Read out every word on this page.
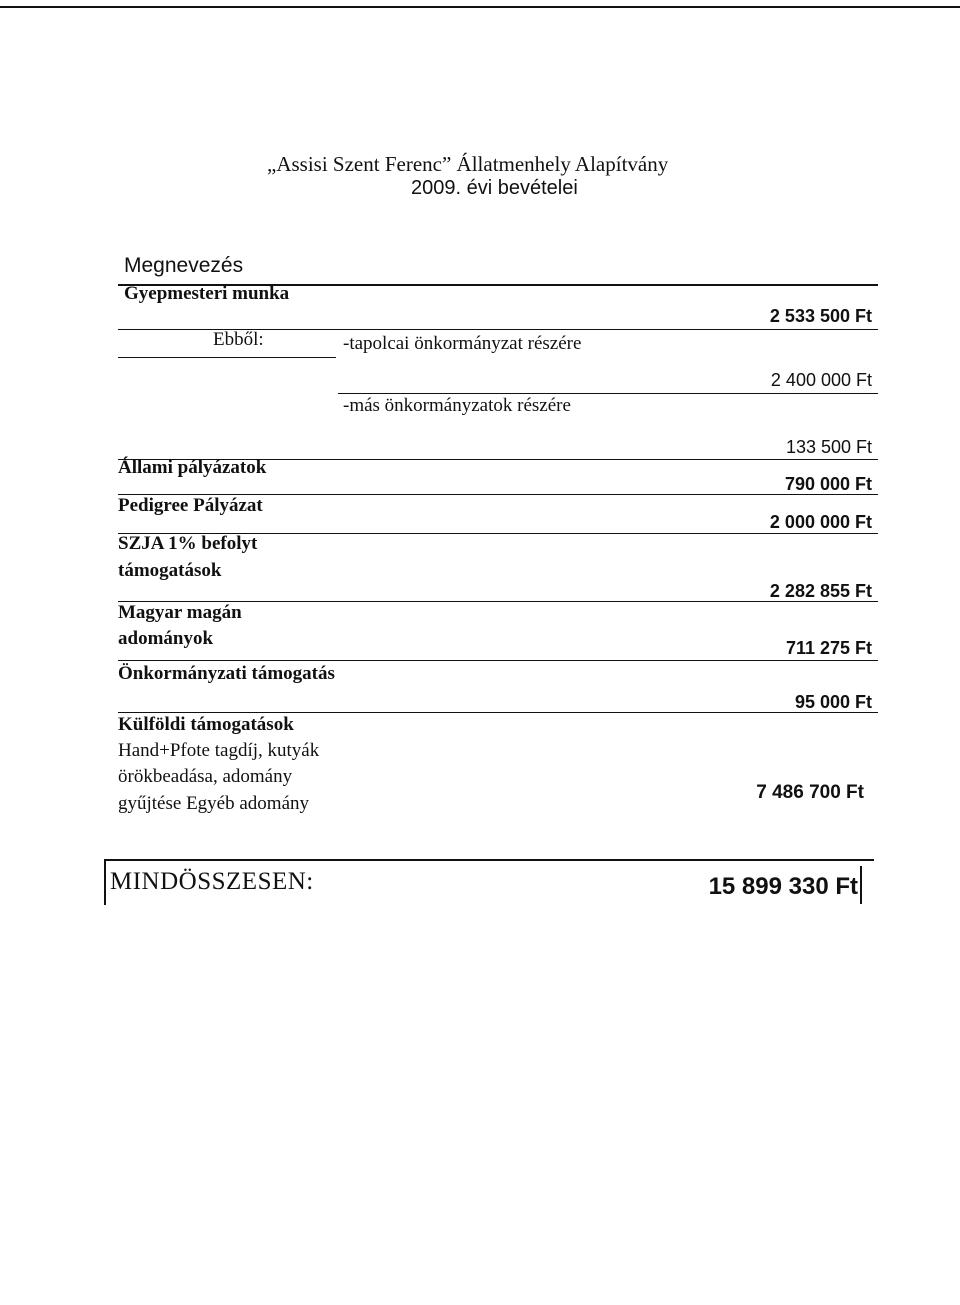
„Assisi Szent Ferenc” Állatmenhely Alapítvány
2009. évi bevételei
Megnevezés
Gyepmesteri munka
2 533 500 Ft
Ebből:	-tapolcai önkormányzat részére
2 400 000 Ft
-más önkormányzatok részére
133 500 Ft
Állami pályázatok
790 000 Ft
Pedigree Pályázat
2 000 000 Ft
SZJA 1% befolyt
támogatások
2 282 855 Ft
Magyar magán
adományok	711 275 Ft
Önkormányzati támogatás
95 000 Ft
Külföldi támogatások
Hand+Pfote tagdíj, kutyák
örökbeadása, adomány
gyűjtése Egyéb adomány
7 486 700 Ft
MINDÖSSZESEN:	15 899 330 Ft
